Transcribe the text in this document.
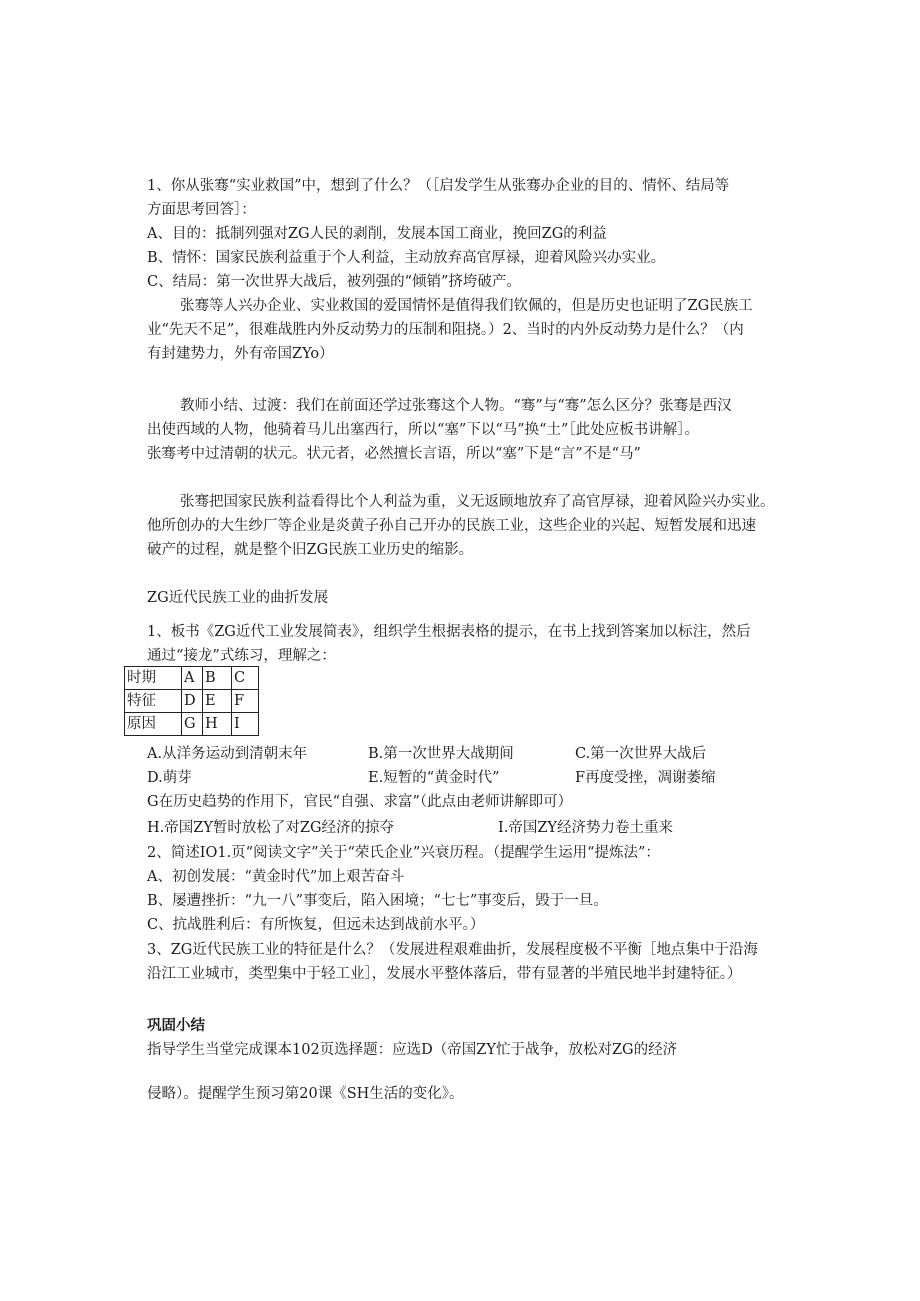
1、你从张骞“实业救国”中，想到了什么？（［启发学生从张骞办企业的目的、情怀、结局等
方面思考回答］：
A、目的：抵制列强对ZG人民的剥削，发展本国工商业，挽回ZG的利益
B、情怀：国家民族利益重于个人利益，主动放弃高官厚禄，迎着风险兴办实业。
C、结局：第一次世界大战后，被列强的“倾销”挤垮破产。
张骞等人兴办企业、实业救国的爱国情怀是值得我们钦佩的，但是历史也证明了ZG民族工
业“先天不足”，很难战胜内外反动势力的压制和阻挠。）2、当时的内外反动势力是什么？（内
有封建势力，外有帝国ZYo）
教师小结、过渡：我们在前面还学过张骞这个人物。“骞”与“骞”怎么区分？张骞是西汉
出使西域的人物，他骑着马儿出塞西行，所以“塞”下以“马”换“土”［此处应板书讲解］。
张骞考中过清朝的状元。状元者，必然擅长言语，所以“塞”下是“言”不是“马”
张骞把国家民族利益看得比个人利益为重，义无返顾地放弃了高官厚禄，迎着风险兴办实业。
他所创办的大生纱厂等企业是炎黄子孙自己开办的民族工业，这些企业的兴起、短暂发展和迅速
破产的过程，就是整个旧ZG民族工业历史的缩影。
ZG近代民族工业的曲折发展
1、板书《ZG近代工业发展简表》，组织学生根据表格的提示，在书上找到答案加以标注，然后
通过“接龙”式练习，理解之：
时期	A	B	C
特征	D	E	F
原因	G	H	I
A.从洋务运动到清朝末年	B.第一次世界大战期间	C.第一次世界大战后
D.萌芽	E.短暂的“黄金时代”	F再度受挫，凋谢萎缩
G在历史趋势的作用下，官民“自强、求富”（此点由老师讲解即可）
H.帝国ZY暂时放松了对ZG经济的掠夺	I.帝国ZY经济势力卷土重来
2、简述IO1.页“阅读文字”关于“荣氏企业”兴衰历程。（提醒学生运用“提炼法”：
A、初创发展：“黄金时代”加上艰苦奋斗
B、屡遭挫折：“九一八”事变后，陷入困境；“七七”事变后，毁于一旦。
C、抗战胜利后：有所恢复，但远未达到战前水平。）
3、ZG近代民族工业的特征是什么？（发展进程艰难曲折，发展程度极不平衡［地点集中于沿海
沿江工业城市，类型集中于轻工业］，发展水平整体落后，带有显著的半殖民地半封建特征。）
巩固小结
指导学生当堂完成课本102页选择题：应选D（帝国ZY忙于战争，放松对ZG的经济
侵略）。提醒学生预习第20课《SH生活的变化》。
